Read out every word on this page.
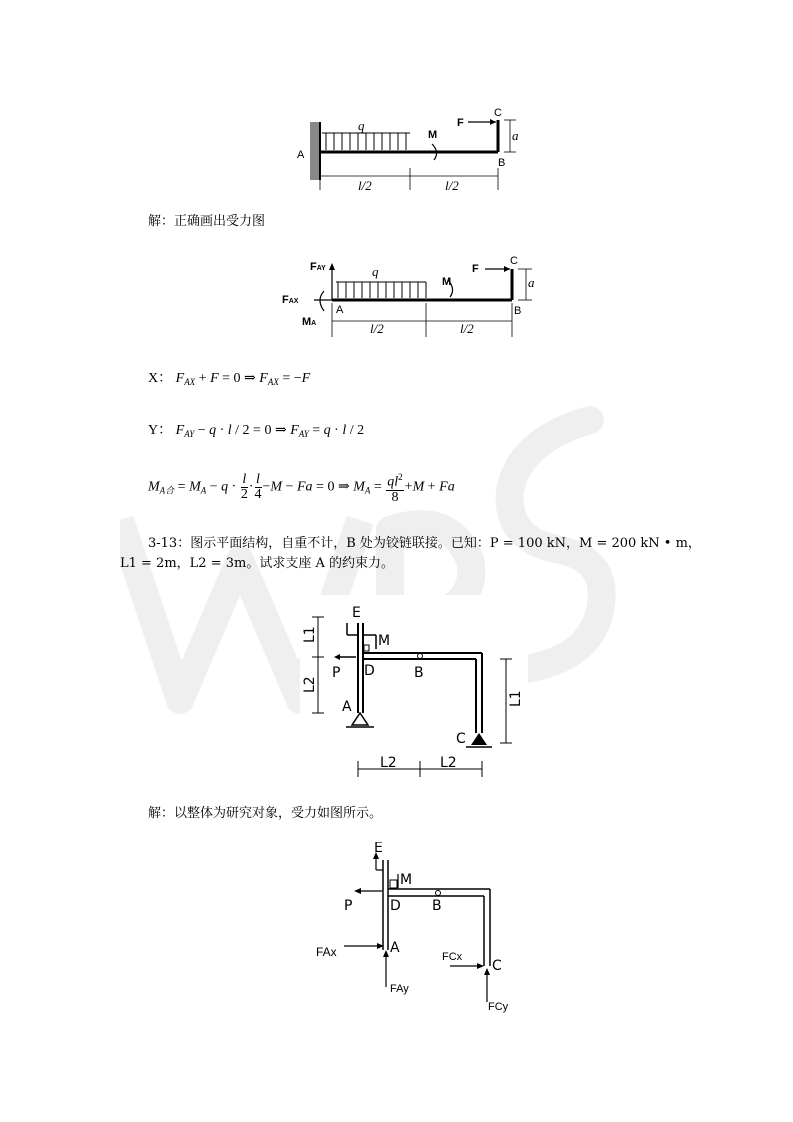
q
M
F
C
A
B
a
l/2	l/2
解：正确画出受力图
FAY
FAX
MA
q
M
F
C
A	B
a
l/2	l/2
X： $F_{AX} + F = 0$ ⇒ $F_{AX} = -F$
Y： $F_{AY} - q \cdot l / 2 = 0$ ⇒ $F_{AY} = q \cdot l / 2$
$M_{A合} = M_A - q \cdot \frac{l}{2} \cdot \frac{l}{4} -M - Fa = 0$ ⇒ $M_A = \frac{ql^2}{8} +M + Fa$
3-13：图示平面结构，自重不计，B 处为铰链联接。已知：P = 100 kN，M = 200 kN • m，
L1 = 2m，L2 = 3m。试求支座 A 的约束力。
E
M
P D	B
A
C
L1
L2
L2	L2
L1
解：以整体为研究对象，受力如图所示。
E
M
P	D B
A
C
FAx
FAy
FCx
FCy
